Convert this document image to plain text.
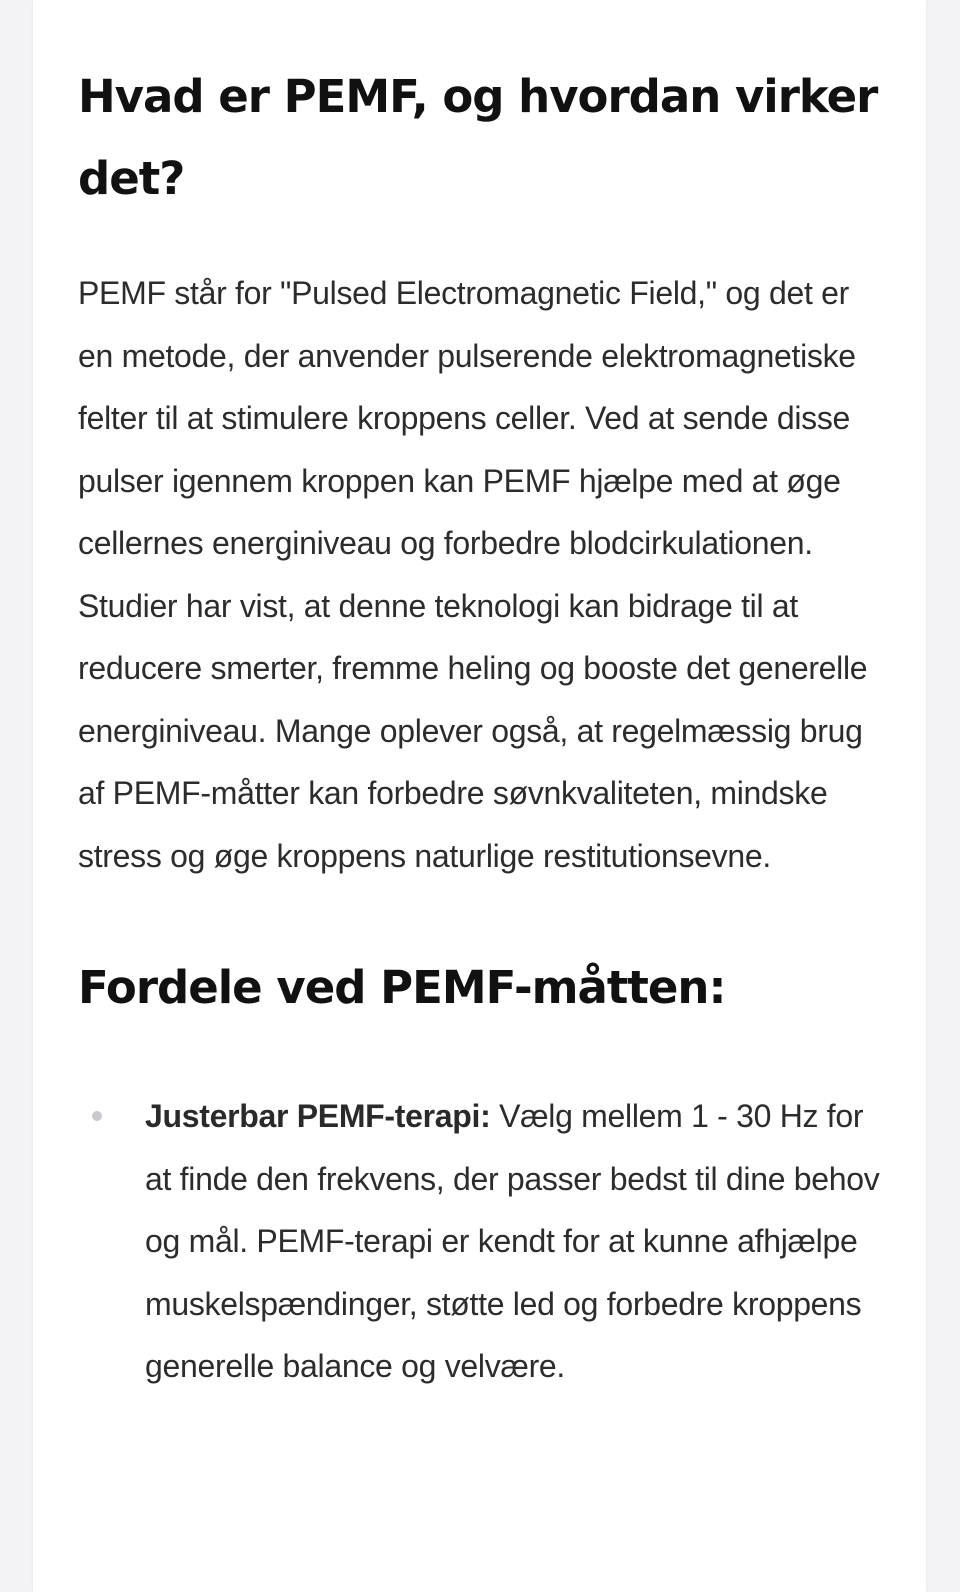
Hvad er PEMF, og hvordan virker det?

PEMF står for "Pulsed Electromagnetic Field," og det er en metode, der anvender pulserende elektromagnetiske felter til at stimulere kroppens celler. Ved at sende disse pulser igennem kroppen kan PEMF hjælpe med at øge cellernes energiniveau og forbedre blodcirkulationen. Studier har vist, at denne teknologi kan bidrage til at reducere smerter, fremme heling og booste det generelle energiniveau. Mange oplever også, at regelmæssig brug af PEMF-måtter kan forbedre søvnkvaliteten, mindske stress og øge kroppens naturlige restitutionsevne.

Fordele ved PEMF-måtten:
Justerbar PEMF-terapi: Vælg mellem 1 - 30 Hz for at finde den frekvens, der passer bedst til dine behov og mål. PEMF-terapi er kendt for at kunne afhjælpe muskelspændinger, støtte led og forbedre kroppens generelle balance og velvære.
